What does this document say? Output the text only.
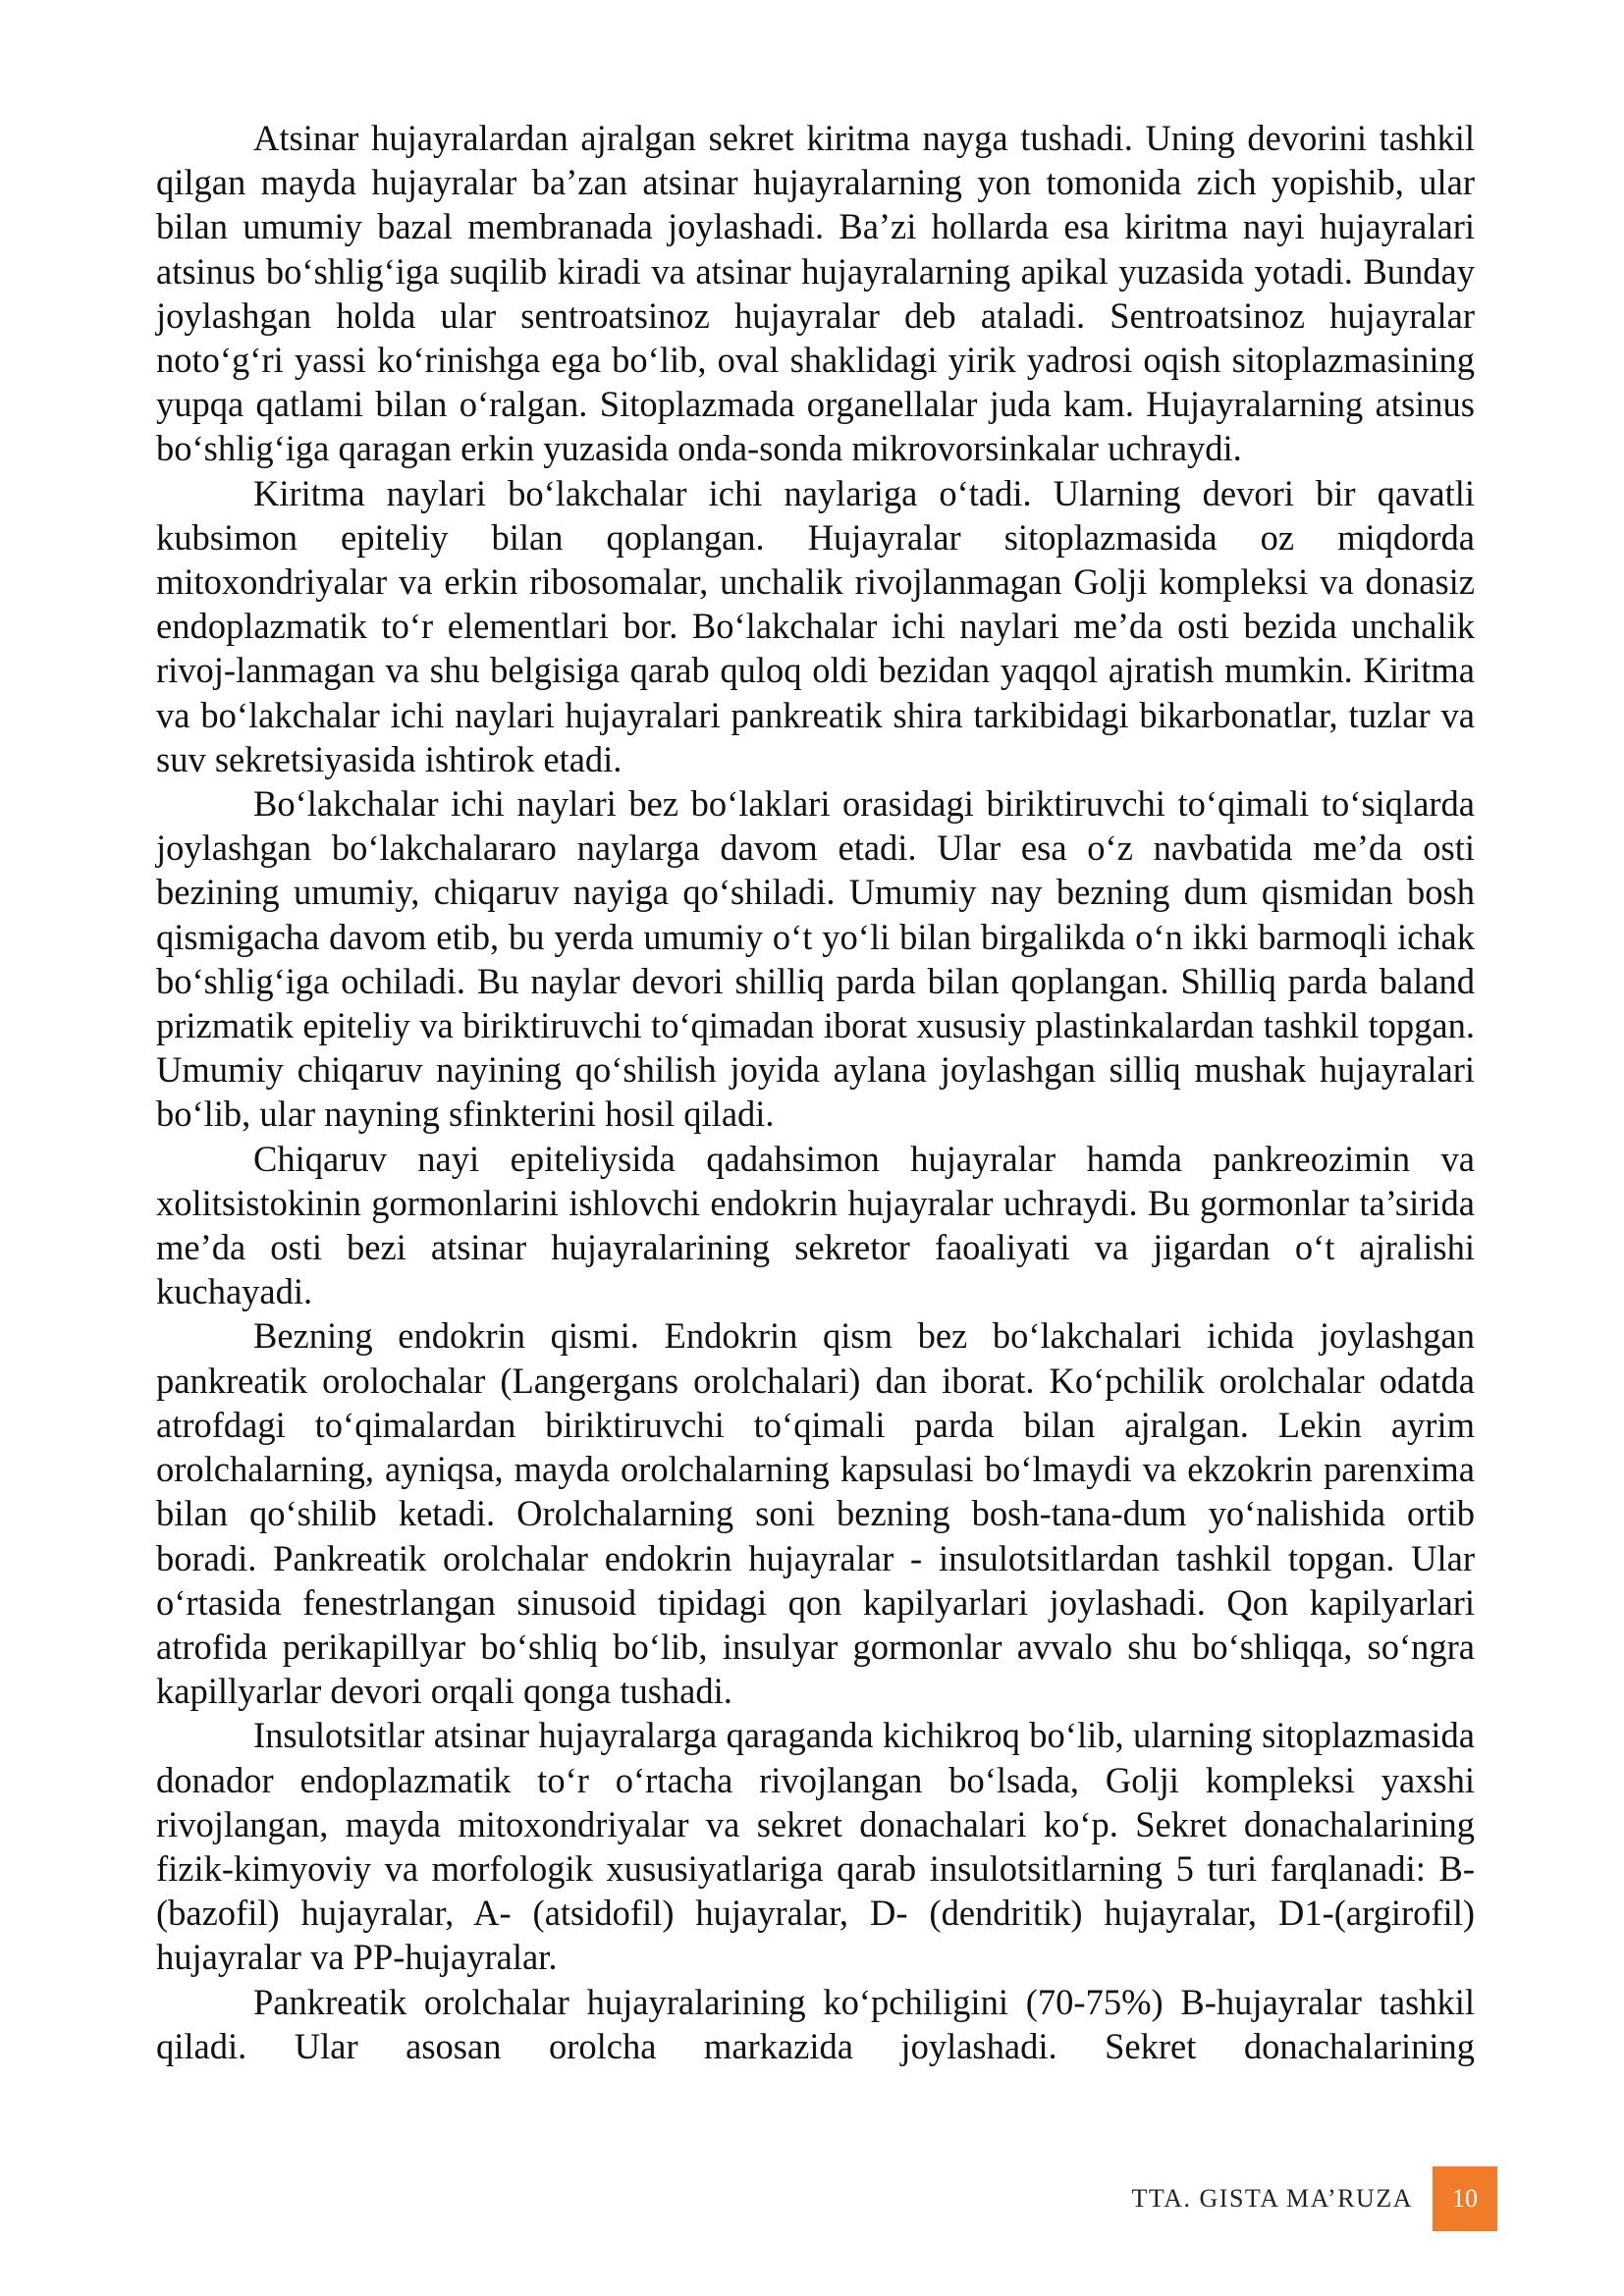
Atsinar hujayralardan ajralgan sekret kiritma nayga tushadi. Uning devorini tashkil qilgan mayda hujayralar ba’zan atsinar hujayralarning yon tomonida zich yopishib, ular bilan umumiy bazal membranada joylashadi. Ba’zi hollarda esa kiritma nayi hujayralari atsinus bo‘shlig‘iga suqilib kiradi va atsinar hujayralarning apikal yuzasida yotadi. Bunday joylashgan holda ular sentroatsinoz hujayralar deb ataladi. Sentroatsinoz hujayralar noto‘g‘ri yassi ko‘rinishga ega bo‘lib, oval shaklidagi yirik yadrosi oqish sitoplazmasining yupqa qatlami bilan o‘ralgan. Sitoplazmada organellalar juda kam. Hujayralarning atsinus bo‘shlig‘iga qaragan erkin yuzasida onda-sonda mikrovorsinkalar uchraydi.

Kiritma naylari bo‘lakchalar ichi naylariga o‘tadi. Ularning devori bir qavatli kubsimon epiteliy bilan qoplangan. Hujayralar sitoplazmasida oz miqdorda mitoxondriyalar va erkin ribosomalar, unchalik rivojlanmagan Golji kompleksi va donasiz endoplazmatik to‘r elementlari bor. Bo‘lakchalar ichi naylari me’da osti bezida unchalik rivoj-lanmagan va shu belgisiga qarab quloq oldi bezidan yaqqol ajratish mumkin. Kiritma va bo‘lakchalar ichi naylari hujayralari pankreatik shira tarkibidagi bikarbonatlar, tuzlar va suv sekretsiyasida ishtirok etadi.

Bo‘lakchalar ichi naylari bez bo‘laklari orasidagi biriktiruvchi to‘qimali to‘siqlarda joylashgan bo‘lakchalararo naylarga davom etadi. Ular esa o‘z navbatida me’da osti bezining umumiy, chiqaruv nayiga qo‘shiladi. Umumiy nay bezning dum qismidan bosh qismigacha davom etib, bu yerda umumiy o‘t yo‘li bilan birgalikda o‘n ikki barmoqli ichak bo‘shlig‘iga ochiladi. Bu naylar devori shilliq parda bilan qoplangan. Shilliq parda baland prizmatik epiteliy va biriktiruvchi to‘qimadan iborat xususiy plastinkalardan tashkil topgan. Umumiy chiqaruv nayining qo‘shilish joyida aylana joylashgan silliq mushak hujayralari bo‘lib, ular nayning sfinkterini hosil qiladi.

Chiqaruv nayi epiteliysida qadahsimon hujayralar hamda pankreozimin va xolitsistokinin gormonlarini ishlovchi endokrin hujayralar uchraydi. Bu gormonlar ta’sirida me’da osti bezi atsinar hujayralarining sekretor faoaliyati va jigardan o‘t ajralishi kuchayadi.

Bezning endokrin qismi. Endokrin qism bez bo‘lakchalari ichida joylashgan pankreatik orolochalar (Langergans orolchalari) dan iborat. Ko‘pchilik orolchalar odatda atrofdagi to‘qimalardan biriktiruvchi to‘qimali parda bilan ajralgan. Lekin ayrim orolchalarning, ayniqsa, mayda orolchalarning kapsulasi bo‘lmaydi va ekzokrin parenxima bilan qo‘shilib ketadi. Orolchalarning soni bezning bosh-tana-dum yo‘nalishida ortib boradi. Pankreatik orolchalar endokrin hujayralar - insulotsitlardan tashkil topgan. Ular o‘rtasida fenestrlangan sinusoid tipidagi qon kapilyarlari joylashadi. Qon kapilyarlari atrofida perikapillyar bo‘shliq bo‘lib, insulyar gormonlar avvalo shu bo‘shliqqa, so‘ngra kapillyarlar devori orqali qonga tushadi.

Insulotsitlar atsinar hujayralarga qaraganda kichikroq bo‘lib, ularning sitoplazmasida donador endoplazmatik to‘r o‘rtacha rivojlangan bo‘lsada, Golji kompleksi yaxshi rivojlangan, mayda mitoxondriyalar va sekret donachalari ko‘p. Sekret donachalarining fizik-kimyoviy va morfologik xususiyatlariga qarab insulotsitlarning 5 turi farqlanadi: B- (bazofil) hujayralar, A- (atsidofil) hujayralar, D- (dendritik) hujayralar, D1-(argirofil) hujayralar va PP-hujayralar.

Pankreatik orolchalar hujayralarining ko‘pchiligini (70-75%) B-hujayralar tashkil qiladi. Ular asosan orolcha markazida joylashadi. Sekret donachalarining

TTA. GISTA MA’RUZA	10
